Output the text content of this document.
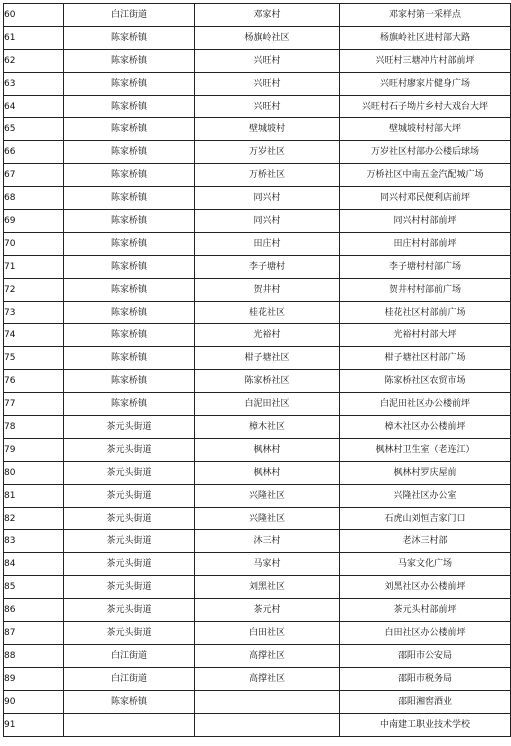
60	白江街道	邓家村	邓家村第一采样点
61	陈家桥镇	杨旗岭社区	杨旗岭社区进村部大路
62	陈家桥镇	兴旺村	兴旺村三塘冲片村部前坪
63	陈家桥镇	兴旺村	兴旺村廖家片健身广场
64	陈家桥镇	兴旺村	兴旺村石子坳片乡村大戏台大坪
65	陈家桥镇	壁城坡村	壁城坡村村部大坪
66	陈家桥镇	万岁社区	万岁社区村部办公楼后球场
67	陈家桥镇	万桥社区	万桥社区中南五金汽配城广场
68	陈家桥镇	同兴村	同兴村邓民便利店前坪
69	陈家桥镇	同兴村	同兴村村部前坪
70	陈家桥镇	田庄村	田庄村村部前坪
71	陈家桥镇	李子塘村	李子塘村村部广场
72	陈家桥镇	贺井村	贺井村村部前广场
73	陈家桥镇	桂花社区	桂花社区村部前广场
74	陈家桥镇	光裕村	光裕村村部大坪
75	陈家桥镇	柑子塘社区	柑子塘社区村部广场
76	陈家桥镇	陈家桥社区	陈家桥社区农贸市场
77	陈家桥镇	白泥田社区	白泥田社区办公楼前坪
78	茶元头街道	樟木社区	樟木社区办公楼前坪
79	茶元头街道	枫林村	枫林村卫生室（老连江）
80	茶元头街道	枫林村	枫林村罗庆屋前
81	茶元头街道	兴隆社区	兴隆社区办公室
82	茶元头街道	兴隆社区	石虎山刘恒吉家门口
83	茶元头街道	沐三村	老沐三村部
84	茶元头街道	马家村	马家文化广场
85	茶元头街道	刘黑社区	刘黑社区办公楼前坪
86	茶元头街道	茶元村	茶元头村部前坪
87	茶元头街道	白田社区	白田社区办公楼前坪
88	白江街道	高撑社区	邵阳市公安局
89	白江街道	高撑社区	邵阳市税务局
90	陈家桥镇		邵阳湘窖酒业
91			中南建工职业技术学校
